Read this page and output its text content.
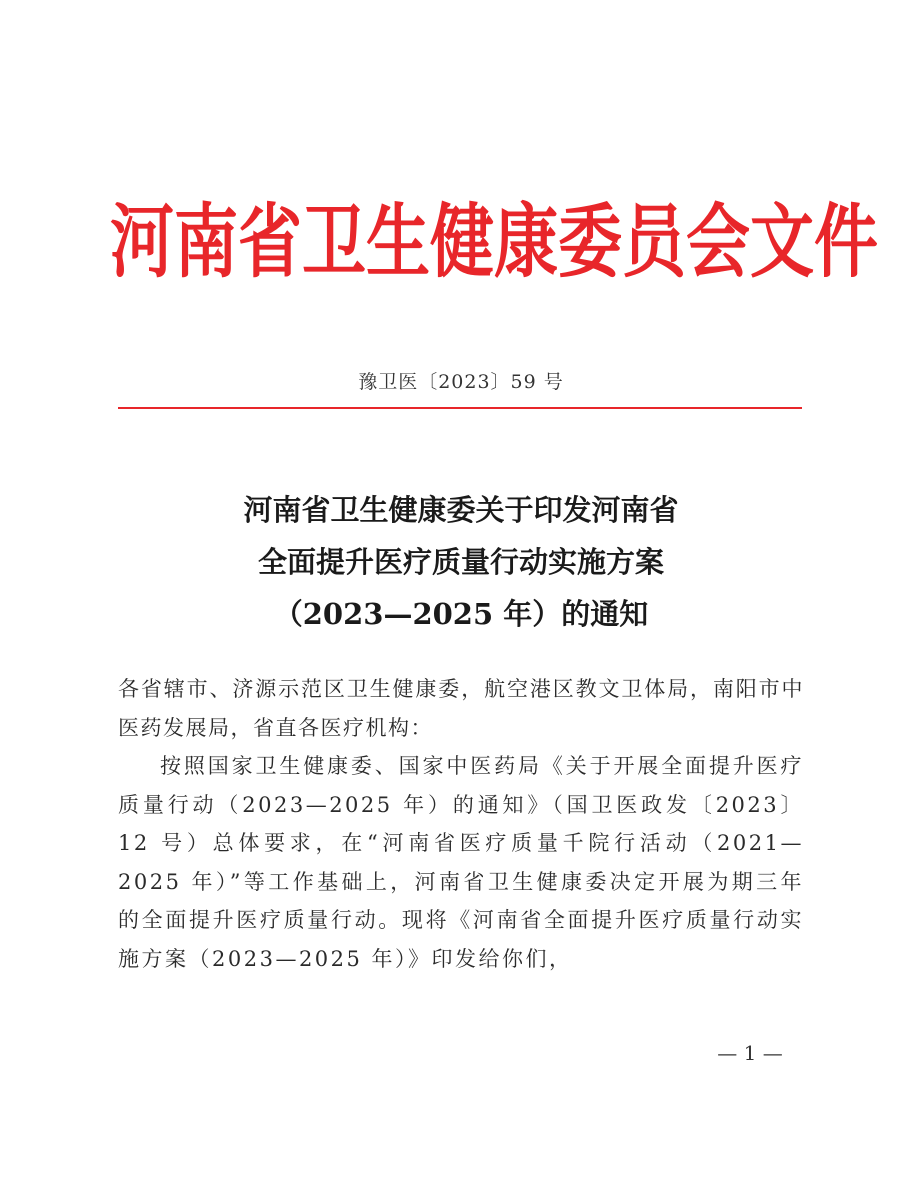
河南省卫生健康委员会文件
豫卫医〔2023〕59 号
河南省卫生健康委关于印发河南省
全面提升医疗质量行动实施方案
（2023—2025 年）的通知
各省辖市、济源示范区卫生健康委，航空港区教文卫体局，南阳市中医药发展局，省直各医疗机构：
按照国家卫生健康委、国家中医药局《关于开展全面提升医疗质量行动（2023—2025 年）的通知》（国卫医政发〔2023〕12 号）总体要求，在“河南省医疗质量千院行活动（2021—2025 年）”等工作基础上，河南省卫生健康委决定开展为期三年的全面提升医疗质量行动。现将《河南省全面提升医疗质量行动实施方案（2023—2025 年）》印发给你们，
— 1 —
